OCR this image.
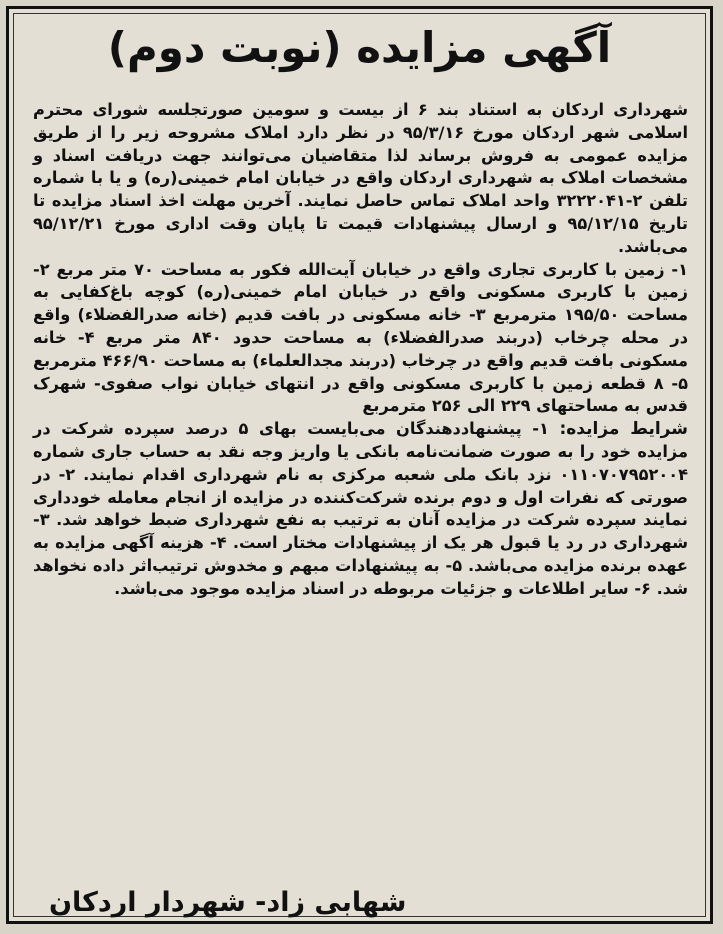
آگهی مزایده (نوبت دوم)

شهرداری اردکان به استناد بند ۶ از بیست و سومین صورتجلسه شورای محترم اسلامی شهر اردکان مورخ ۹۵/۳/۱۶ در نظر دارد املاک مشروحه زیر را از طریق مزایده عمومی به فروش برساند لذا متقاضیان می‌توانند جهت دریافت اسناد و مشخصات املاک به شهرداری اردکان واقع در خیابان امام خمینی(ره) و یا با شماره تلفن ۲-۳۲۲۲۰۴۱ واحد املاک تماس حاصل نمایند. آخرین مهلت اخذ اسناد مزایده تا تاریخ ۹۵/۱۲/۱۵ و ارسال پیشنهادات قیمت تا پایان وقت اداری مورخ ۹۵/۱۲/۲۱ می‌باشد.

۱- زمین با کاربری تجاری واقع در خیابان آیت‌الله فکور به مساحت ۷۰ متر مربع ۲- زمین با کاربری مسکونی واقع در خیابان امام خمینی(ره) کوچه باغ‌کفایی به مساحت ۱۹۵/۵۰ مترمربع ۳- خانه مسکونی در بافت قدیم (خانه صدرالفضلاء) واقع در محله چرخاب (دربند صدرالفضلاء) به مساحت حدود ۸۴۰ متر مربع ۴- خانه مسکونی بافت قدیم واقع در چرخاب (دربند مجدالعلماء) به مساحت ۴۶۶/۹۰ مترمربع ۵- ۸ قطعه زمین با کاربری مسکونی واقع در انتهای خیابان نواب صفوی- شهرک قدس به مساحتهای ۲۲۹ الی ۲۵۶ مترمربع

شرایط مزایده: ۱- پیشنهاددهندگان می‌بایست بهای ۵ درصد سپرده شرکت در مزایده خود را به صورت ضمانت‌نامه بانکی یا واریز وجه نقد به حساب جاری شماره ۰۱۱۰۷۰۷۹۵۲۰۰۴ نزد بانک ملی شعبه مرکزی به نام شهرداری اقدام نمایند. ۲- در صورتی که نفرات اول و دوم برنده شرکت‌کننده در مزایده از انجام معامله خودداری نمایند سپرده شرکت در مزایده آنان به ترتیب به نفع شهرداری ضبط خواهد شد. ۳- شهرداری در رد یا قبول هر یک از پیشنهادات مختار است. ۴- هزینه آگهی مزایده به عهده برنده مزایده می‌باشد. ۵- به پیشنهادات مبهم و مخدوش ترتیب‌اثر داده نخواهد شد. ۶- سایر اطلاعات و جزئیات مربوطه در اسناد مزایده موجود می‌باشد.

شهابی زاد- شهردار اردکان
